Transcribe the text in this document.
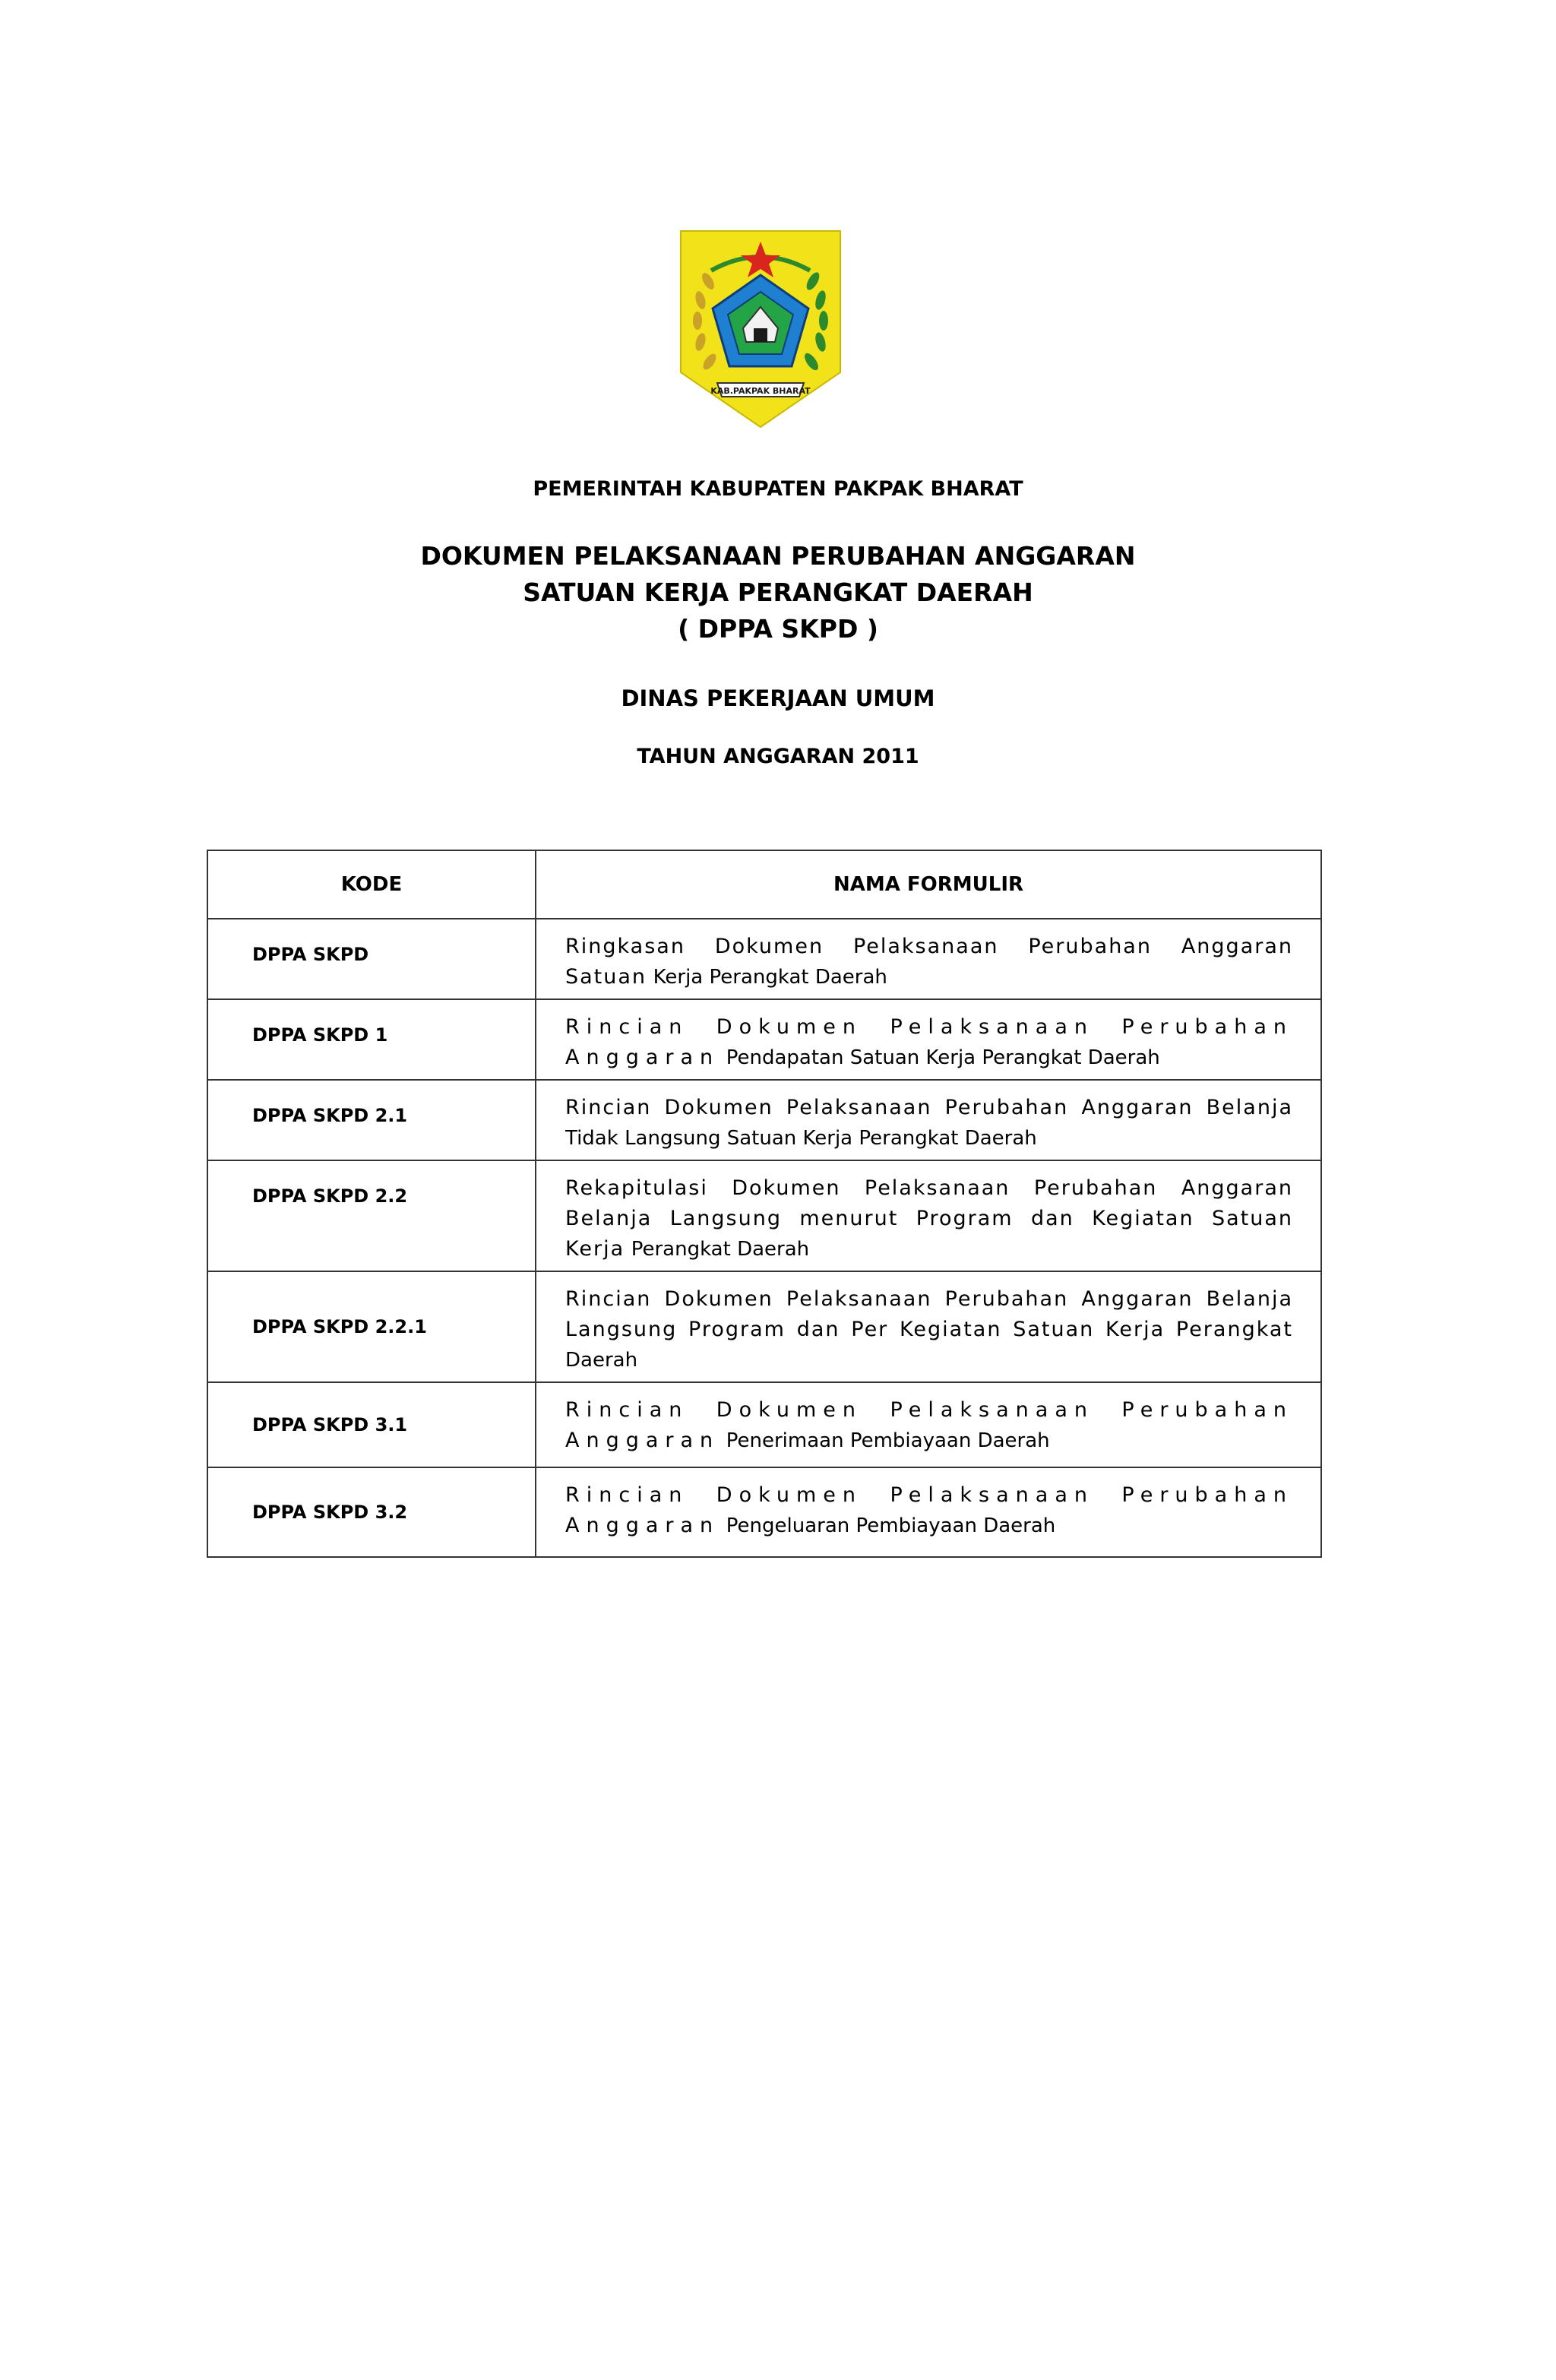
KAB.PAKPAK BHARAT
PEMERINTAH KABUPATEN PAKPAK BHARAT
DOKUMEN PELAKSANAAN PERUBAHAN ANGGARAN
SATUAN KERJA PERANGKAT DAERAH
( DPPA SKPD )
DINAS PEKERJAAN UMUM
TAHUN ANGGARAN 2011
KODE	NAMA FORMULIR
DPPA SKPD	Ringkasan Dokumen Pelaksanaan Perubahan Anggaran Satuan Kerja Perangkat Daerah
DPPA SKPD 1	Rincian Dokumen Pelaksanaan Perubahan Anggaran Pendapatan Satuan Kerja Perangkat Daerah
DPPA SKPD 2.1	Rincian Dokumen Pelaksanaan Perubahan Anggaran Belanja Tidak Langsung Satuan Kerja Perangkat Daerah
DPPA SKPD 2.2	Rekapitulasi Dokumen Pelaksanaan Perubahan Anggaran Belanja Langsung menurut Program dan Kegiatan Satuan Kerja Perangkat Daerah
DPPA SKPD 2.2.1	Rincian Dokumen Pelaksanaan Perubahan Anggaran Belanja Langsung Program dan Per Kegiatan Satuan Kerja Perangkat Daerah
DPPA SKPD 3.1	Rincian Dokumen Pelaksanaan Perubahan Anggaran Penerimaan Pembiayaan Daerah
DPPA SKPD 3.2	Rincian Dokumen Pelaksanaan Perubahan Anggaran Pengeluaran Pembiayaan Daerah
